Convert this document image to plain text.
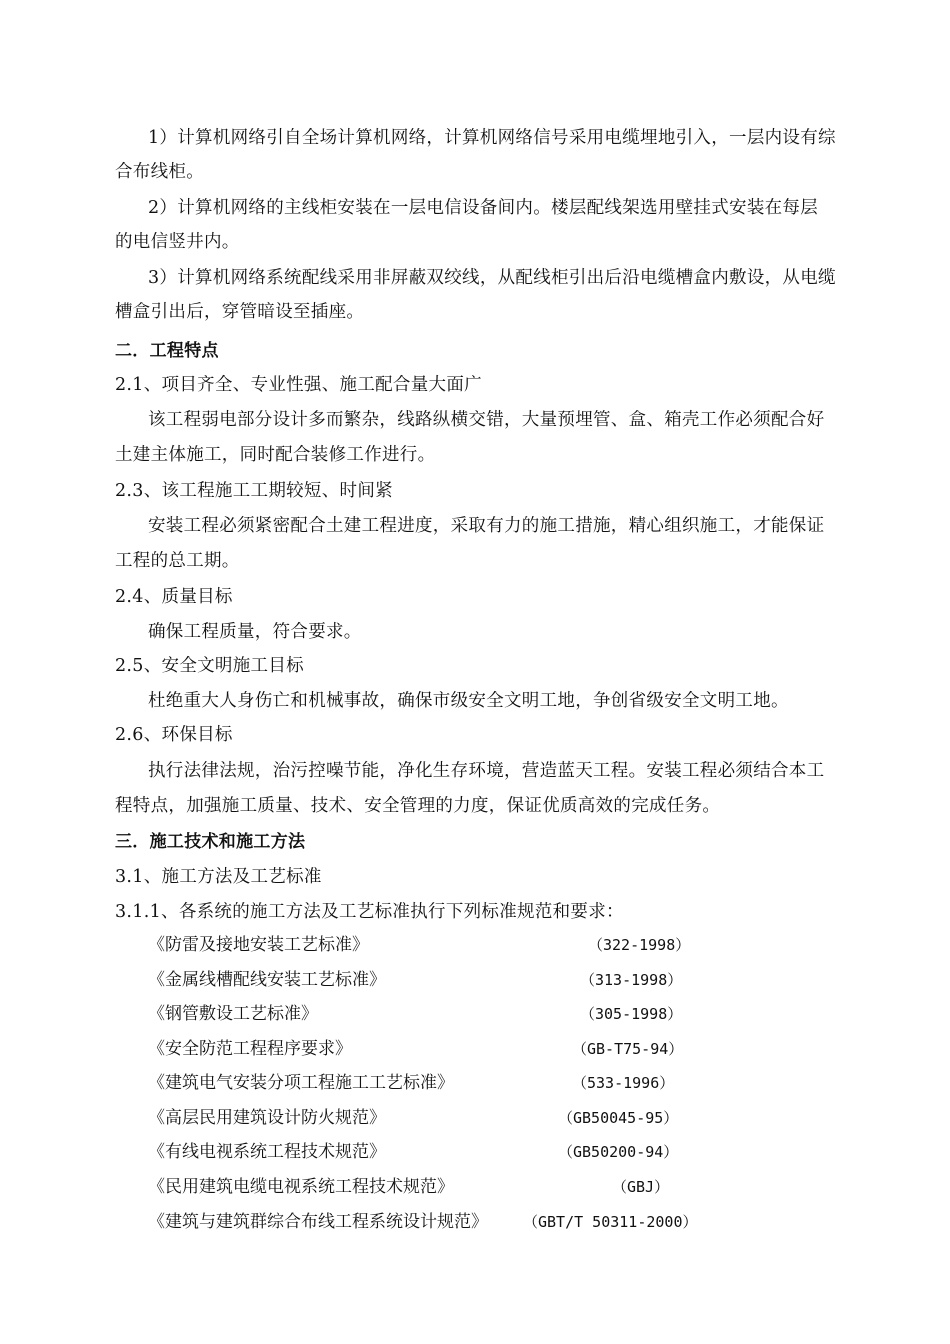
1）计算机网络引自全场计算机网络，计算机网络信号采用电缆埋地引入，一层内设有综
合布线柜。
2）计算机网络的主线柜安装在一层电信设备间内。楼层配线架选用壁挂式安装在每层
的电信竖井内。
3）计算机网络系统配线采用非屏蔽双绞线，从配线柜引出后沿电缆槽盒内敷设，从电缆
槽盒引出后，穿管暗设至插座。
二．工程特点
2.1、项目齐全、专业性强、施工配合量大面广
该工程弱电部分设计多而繁杂，线路纵横交错，大量预埋管、盒、箱壳工作必须配合好
土建主体施工，同时配合装修工作进行。
2.3、该工程施工工期较短、时间紧
安装工程必须紧密配合土建工程进度，采取有力的施工措施，精心组织施工，才能保证
工程的总工期。
2.4、质量目标
确保工程质量，符合要求。
2.5、安全文明施工目标
杜绝重大人身伤亡和机械事故，确保市级安全文明工地，争创省级安全文明工地。
2.6、环保目标
执行法律法规，治污控噪节能，净化生存环境，营造蓝天工程。安装工程必须结合本工
程特点，加强施工质量、技术、安全管理的力度，保证优质高效的完成任务。
三．施工技术和施工方法
3.1、施工方法及工艺标准
3.1.1、各系统的施工方法及工艺标准执行下列标准规范和要求：
《防雷及接地安装工艺标准》	（322-1998）
《金属线槽配线安装工艺标准》	（313-1998）
《钢管敷设工艺标准》	（305-1998）
《安全防范工程程序要求》	（GB-T75-94）
《建筑电气安装分项工程施工工艺标准》	（533-1996）
《高层民用建筑设计防火规范》	（GB50045-95）
《有线电视系统工程技术规范》	（GB50200-94）
《民用建筑电缆电视系统工程技术规范》	（GBJ）
《建筑与建筑群综合布线工程系统设计规范》 （GBT/T 50311-2000）
